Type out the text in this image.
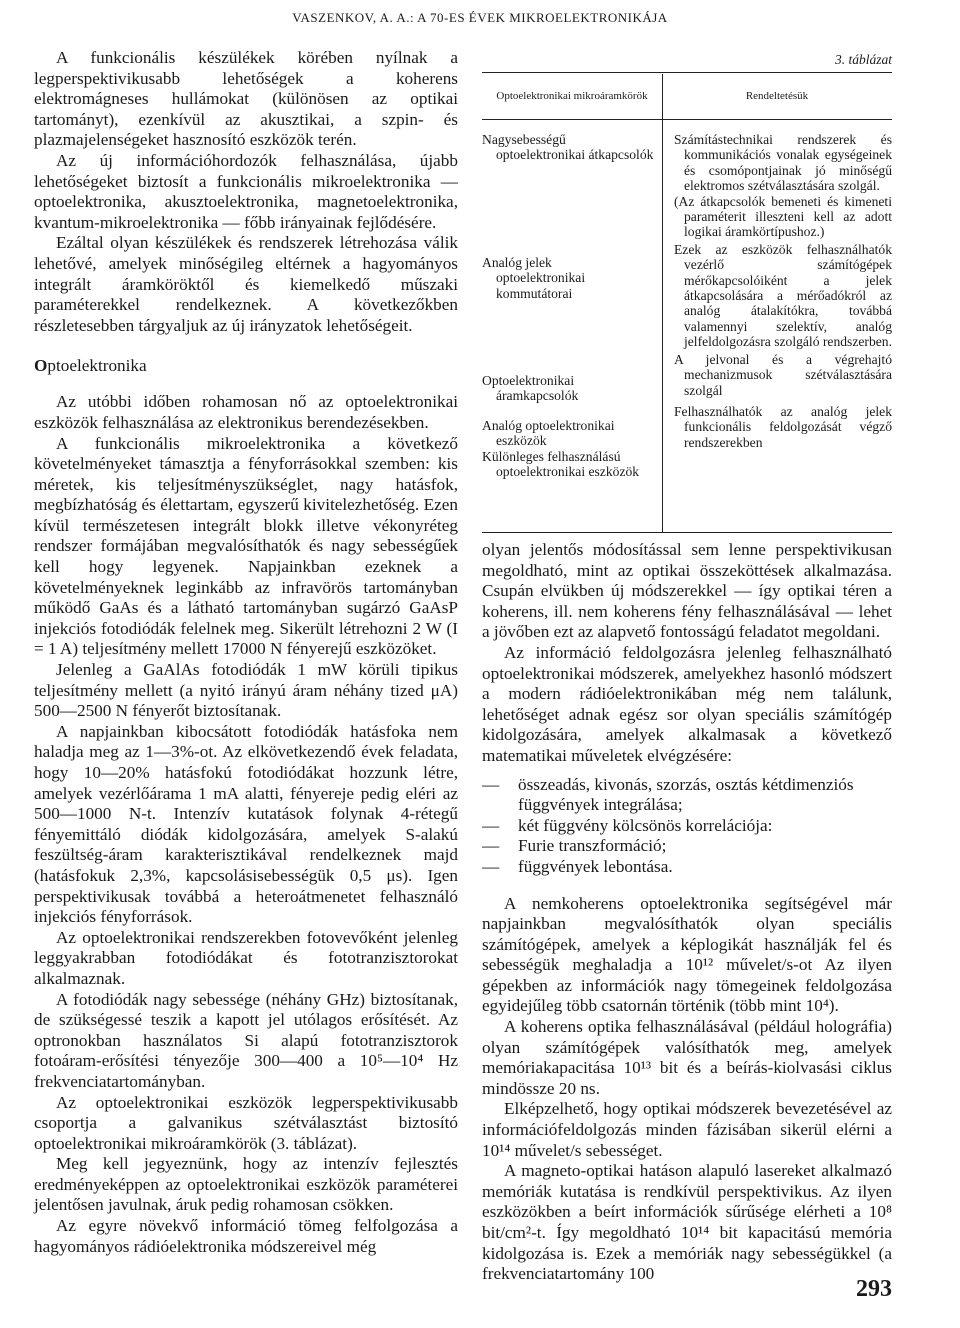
VASZENKOV, A. A.: A 70-ES ÉVEK MIKROELEKTRONIKÁJA

A funkcionális készülékek körében nyílnak a legperspektivikusabb lehetőségek a koherens elektromágneses hullámokat (különösen az optikai tartományt), ezenkívül az akusztikai, a szpin- és plazmajelenségeket hasznosító eszközök terén.

Az új információhordozók felhasználása, újabb lehetőségeket biztosít a funkcionális mikroelektronika — optoelektronika, akusztoelektronika, magnetoelektronika, kvantum-mikroelektronika — főbb irányainak fejlődésére.

Ezáltal olyan készülékek és rendszerek létrehozása válik lehetővé, amelyek minőségileg eltérnek a hagyományos integrált áramköröktől és kiemelkedő műszaki paraméterekkel rendelkeznek. A következőkben részletesebben tárgyaljuk az új irányzatok lehetőségeit.

Optoelektronika

Az utóbbi időben rohamosan nő az optoelektronikai eszközök felhasználása az elektronikus berendezésekben.

A funkcionális mikroelektronika a következő követelményeket támasztja a fényforrásokkal szemben: kis méretek, kis teljesítményszükséglet, nagy hatásfok, megbízhatóság és élettartam, egyszerű kivitelezhetőség. Ezen kívül természetesen integrált blokk illetve vékonyréteg rendszer formájában megvalósíthatók és nagy sebességűek kell hogy legyenek. Napjainkban ezeknek a követelményeknek leginkább az infravörös tartományban működő GaAs és a látható tartományban sugárzó GaAsP injekciós fotodiódák felelnek meg. Sikerült létrehozni 2 W (I = 1 A) teljesítmény mellett 17000 N fényerejű eszközöket.

Jelenleg a GaAlAs fotodiódák 1 mW körüli tipikus teljesítmény mellett (a nyitó irányú áram néhány tized μA) 500—2500 N fényerőt biztosítanak.

A napjainkban kibocsátott fotodiódák hatásfoka nem haladja meg az 1—3%-ot. Az elkövetkezendő évek feladata, hogy 10—20% hatásfokú fotodiódákat hozzunk létre, amelyek vezérlőárama 1 mA alatti, fényereje pedig eléri az 500—1000 N-t. Intenzív kutatások folynak 4-rétegű fényemittáló diódák kidolgozására, amelyek S-alakú feszültség-áram karakterisztikával rendelkeznek majd (hatásfokuk 2,3%, kapcsolásisebességük 0,5 μs). Igen perspektivikusak továbbá a heteroátmenetet felhasználó injekciós fényforrások.

Az optoelektronikai rendszerekben fotovevőként jelenleg leggyakrabban fotodiódákat és fototranzisztorokat alkalmaznak.

A fotodiódák nagy sebessége (néhány GHz) biztosítanak, de szükségessé teszik a kapott jel utólagos erősítését. Az optronokban használatos Si alapú fototranzisztorok fotoáram-erősítési tényezője 300—400 a 10⁵—10⁴ Hz frekvenciatartományban.

Az optoelektronikai eszközök legperspektivikusabb csoportja a galvanikus szétválasztást biztosító optoelektronikai mikroáramkörök (3. táblázat).

Meg kell jegyeznünk, hogy az intenzív fejlesztés eredményeképpen az optoelektronikai eszközök paraméterei jelentősen javulnak, áruk pedig rohamosan csökken.

Az egyre növekvő információ tömeg felfolgozása a hagyományos rádióelektronika módszereivel még

3. táblázat
Optoelektronikai mikroáramkörök	Rendeltetésük
Nagysebességű
optoelektronikai átkapcsolók
Analóg jelek
optoelektronikai kommutátorai
Optoelektronikai
áramkapcsolók
Analóg optoelektronikai
eszközök
Különleges felhasználású
optoelektronikai eszközök
Számítástechnikai rendszerek és kommunikációs vonalak egységeinek és csomópontjainak jó minőségű elektromos szétválasztására szolgál.
(Az átkapcsolók bemeneti és kimeneti paraméterit illeszteni kell az adott logikai áramkörtípushoz.)
Ezek az eszközök felhasználhatók vezérlő számítógépek mérőkapcsolóiként a jelek átkapcsolására a mérőadókról az analóg átalakítókra, továbbá valamennyi szelektív, analóg jelfeldolgozásra szolgáló rendszerben.
A jelvonal és a végrehajtó mechanizmusok szétválasztására szolgál
Felhasználhatók az analóg jelek funkcionális feldolgozását végző rendszerekben

olyan jelentős módosítással sem lenne perspektivikusan megoldható, mint az optikai összeköttések alkalmazása. Csupán elvükben új módszerekkel — így optikai téren a koherens, ill. nem koherens fény felhasználásával — lehet a jövőben ezt az alapvető fontosságú feladatot megoldani.

Az információ feldolgozásra jelenleg felhasználható optoelektronikai módszerek, amelyekhez hasonló módszert a modern rádióelektronikában még nem találunk, lehetőséget adnak egész sor olyan speciális számítógép kidolgozására, amelyek alkalmasak a következő matematikai műveletek elvégzésére:

— összeadás, kivonás, szorzás, osztás kétdimenziós függvények integrálása;
— két függvény kölcsönös korrelációja:
— Furie transzformáció;
— függvények lebontása.

A nemkoherens optoelektronika segítségével már napjainkban megvalósíthatók olyan speciális számítógépek, amelyek a képlogikát használják fel és sebességük meghaladja a 10¹² művelet/s-ot Az ilyen gépekben az információk nagy tömegeinek feldolgozása egyidejűleg több csatornán történik (több mint 10⁴).

A koherens optika felhasználásával (például holográfia) olyan számítógépek valósíthatók meg, amelyek memóriakapacitása 10¹³ bit és a beírás-kiolvasási ciklus mindössze 20 ns.

Elképzelhető, hogy optikai módszerek bevezetésével az információfeldolgozás minden fázisában sikerül elérni a 10¹⁴ művelet/s sebességet.

A magneto-optikai hatáson alapuló lasereket alkalmazó memóriák kutatása is rendkívül perspektivikus. Az ilyen eszközökben a beírt információk sűrűsége elérheti a 10⁸ bit/cm²-t. Így megoldható 10¹⁴ bit kapacitású memória kidolgozása is. Ezek a memóriák nagy sebességükkel (a frekvenciatartomány 100

293
